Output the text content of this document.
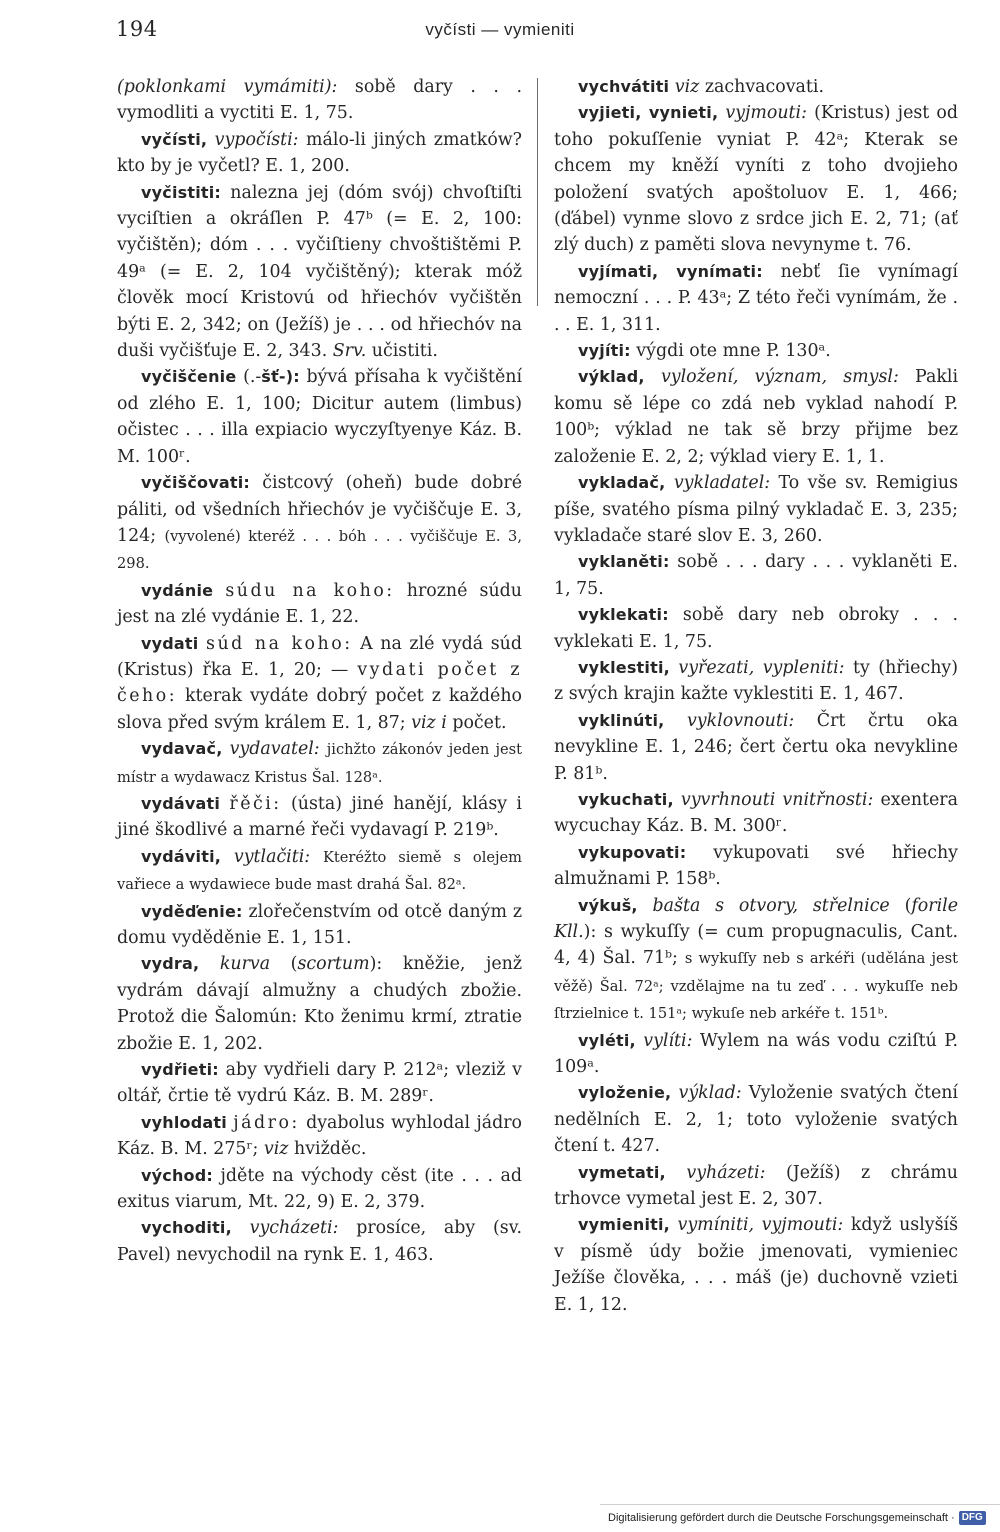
194	vyčísti — vymieniti

(poklonkami vymámiti): sobě dary . . . vymodliti a vyctiti E. 1, 75.

vyčísti, vypočísti: málo-li jiných zmatków? kto by je vyčetl? E. 1, 200.

vyčistiti: nalezna jej (dóm svój) chvoſtiſti vyciſtien a okráſlen P. 47ᵇ (= E. 2, 100: vyčištěn); dóm . . . vyčiſtieny chvoštištěmi P. 49ᵃ (= E. 2, 104 vyčištěný); kterak móž člověk mocí Kristovú od hřiechóv vyčištěn býti E. 2, 342; on (Ježíš) je . . . od hřiechóv na duši vyčišťuje E. 2, 343. Srv. učistiti.

vyčiščenie (.-šť-): bývá přísaha k vyčištění od zlého E. 1, 100; Dicitur autem (limbus) očistec . . . illa expiacio wyczyſtyenye Káz. B. M. 100ʳ.

vyčiščovati: čistcový (oheň) bude dobré páliti, od všedních hřiechóv je vyčiščuje E. 3, 124; (vyvolené) kteréž . . . bóh . . . vyčiščuje E. 3, 298.

vydánie súdu na koho: hrozné súdu jest na zlé vydánie E. 1, 22.

vydati súd na koho: A na zlé vydá súd (Kristus) řka E. 1, 20; — vydati počet z čeho: kterak vydáte dobrý počet z každého slova před svým králem E. 1, 87; viz i počet.

vydavač, vydavatel: jichžto zákonóv jeden jest místr a wydawacz Kristus Šal. 128ᵃ.

vydávati řěči: (ústa) jiné hanějí, klásy i jiné škodlivé a marné řeči vydavagí P. 219ᵇ.

vydáviti, vytlačiti: Kteréžto siemě s olejem vařiece a wydawiece bude mast drahá Šal. 82ᵃ.

vyděďenie: zlořečenstvím od otcě daným z domu vyděděnie E. 1, 151.

vydra, kurva (scortum): kněžie, jenž vydrám dávají almužny a chudých zbožie. Protož die Šalomún: Kto ženimu krmí, ztratie zbožie E. 1, 202.

vydřieti: aby vydřieli dary P. 212ᵃ; vleziž v oltář, črtie tě vydrú Káz. B. M. 289ʳ.

vyhlodati jádro: dyabolus wyhlodal jádro Káz. B. M. 275ʳ; viz hvižděc.

východ: jděte na východy cěst (ite . . . ad exitus viarum, Mt. 22, 9) E. 2, 379.

vychoditi, vycházeti: prosíce, aby (sv. Pavel) nevychodil na rynk E. 1, 463.

vychvátiti viz zachvacovati.

vyjieti, vynieti, vyjmouti: (Kristus) jest od toho pokuſſenie vyniat P. 42ᵃ; Kterak se chcem my kněží vyníti z toho dvojieho položení svatých apoštoluov E. 1, 466; (ďábel) vynme slovo z srdce jich E. 2, 71; (ať zlý duch) z paměti slova nevynyme t. 76.

vyjímati, vynímati: nebť ſie vynímagí nemoczní . . . P. 43ᵃ; Z této řeči vynímám, že . . . E. 1, 311.

vyjíti: výgdi ote mne P. 130ᵃ.

výklad, vyložení, význam, smysl: Pakli komu sě lépe co zdá neb vyklad nahodí P. 100ᵇ; výklad ne tak sě brzy přijme bez založenie E. 2, 2; výklad viery E. 1, 1.

vykladač, vykladatel: To vše sv. Remigius píše, svatého písma pilný vykladač E. 3, 235; vykladače staré slov E. 3, 260.

vyklaněti: sobě . . . dary . . . vyklaněti E. 1, 75.

vyklekati: sobě dary neb obroky . . . vyklekati E. 1, 75.

vyklestiti, vyřezati, vypleniti: ty (hřiechy) z svých krajin kažte vyklestiti E. 1, 467.

vyklinúti, vyklovnouti: Črt črtu oka nevykline E. 1, 246; čert čertu oka nevykline P. 81ᵇ.

vykuchati, vyvrhnouti vnitřnosti: exentera wycuchay Káz. B. M. 300ʳ.

vykupovati: vykupovati své hřiechy almužnami P. 158ᵇ.

výkuš, bašta s otvory, střelnice (forile Kll.): s wykuſſy (= cum propugnaculis, Cant. 4, 4) Šal. 71ᵇ; s wykuſſy neb s arkéři (udělána jest věžě) Šal. 72ᵃ; vzdělajme na tu zeď . . . wykuſſe neb ſtrzielnice t. 151ᵃ; wykuſe neb arkéře t. 151ᵇ.

vyléti, vylíti: Wylem na wás vodu cziſtú P. 109ᵃ.

vyloženie, výklad: Vyloženie svatých čtení nedělních E. 2, 1; toto vyloženie svatých čtení t. 427.

vymetati, vyházeti: (Ježíš) z chrámu trhovce vymetal jest E. 2, 307.

vymieniti, vymíniti, vyjmouti: když uslyšíš v písmě údy božie jmenovati, vymieniec Ježíše člověka, . . . máš (je) duchovně vzieti E. 1, 12.

Digitalisierung gefördert durch die Deutsche Forschungsgemeinschaft · DFG
